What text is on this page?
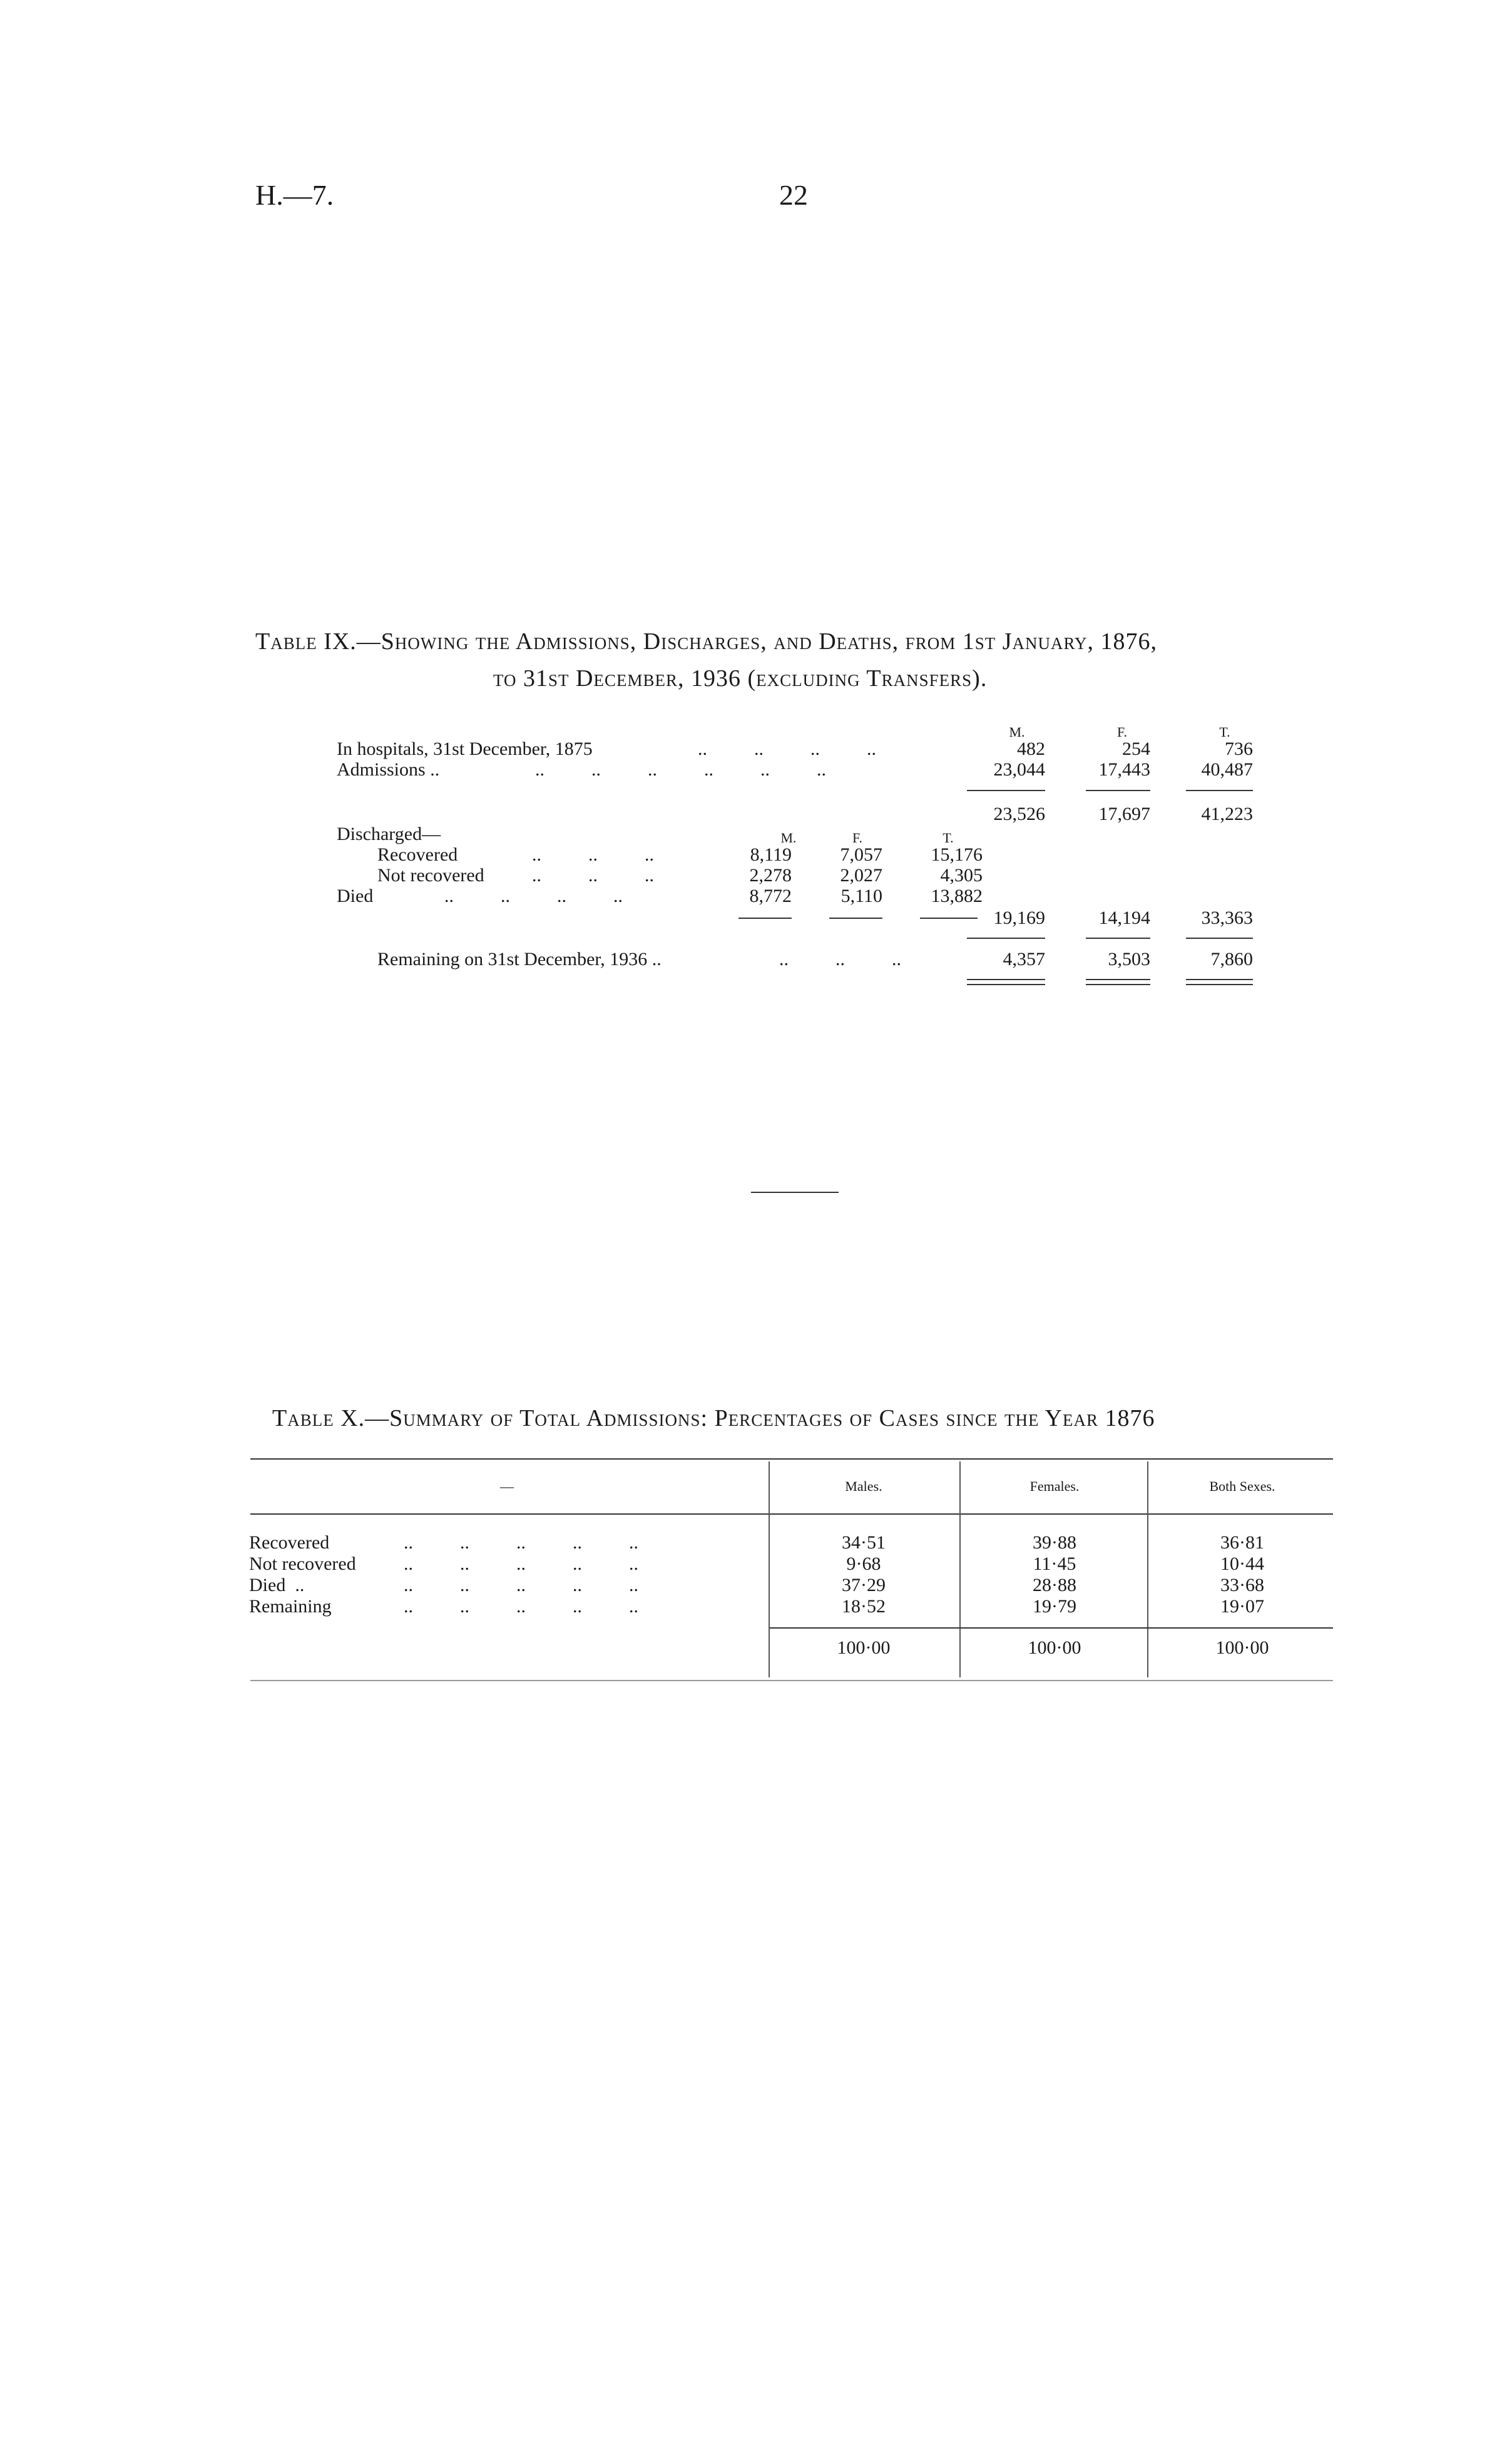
H.—7.	22
Table IX.—Showing the Admissions, Discharges, and Deaths, from 1st January, 1876,
to 31st December, 1936 (excluding Transfers).
M.	F.	T.
In hospitals, 31st December, 1875	..          ..          ..          ..	482	254	736
Admissions ..	..          ..          ..          ..          ..          ..	23,044	17,443	40,487
23,526	17,697	41,223
Discharged—	M.	F.	T.
Recovered	..          ..          ..	8,119	7,057	15,176
Not recovered	..          ..          ..	2,278	2,027	4,305
Died	..          ..          ..          ..	8,772	5,110	13,882
19,169	14,194	33,363
Remaining on 31st December, 1936 ..	..          ..          ..	4,357	3,503	7,860
Table X.—Summary of Total Admissions: Percentages of Cases since the Year 1876
—	Males.	Females.	Both Sexes.
Recovered	..          ..          ..          ..          ..	34·51	39·88	36·81
Not recovered	..          ..          ..          ..          ..	9·68	11·45	10·44
Died  ..	..          ..          ..          ..          ..	37·29	28·88	33·68
Remaining	..          ..          ..          ..          ..	18·52	19·79	19·07
100·00	100·00	100·00
